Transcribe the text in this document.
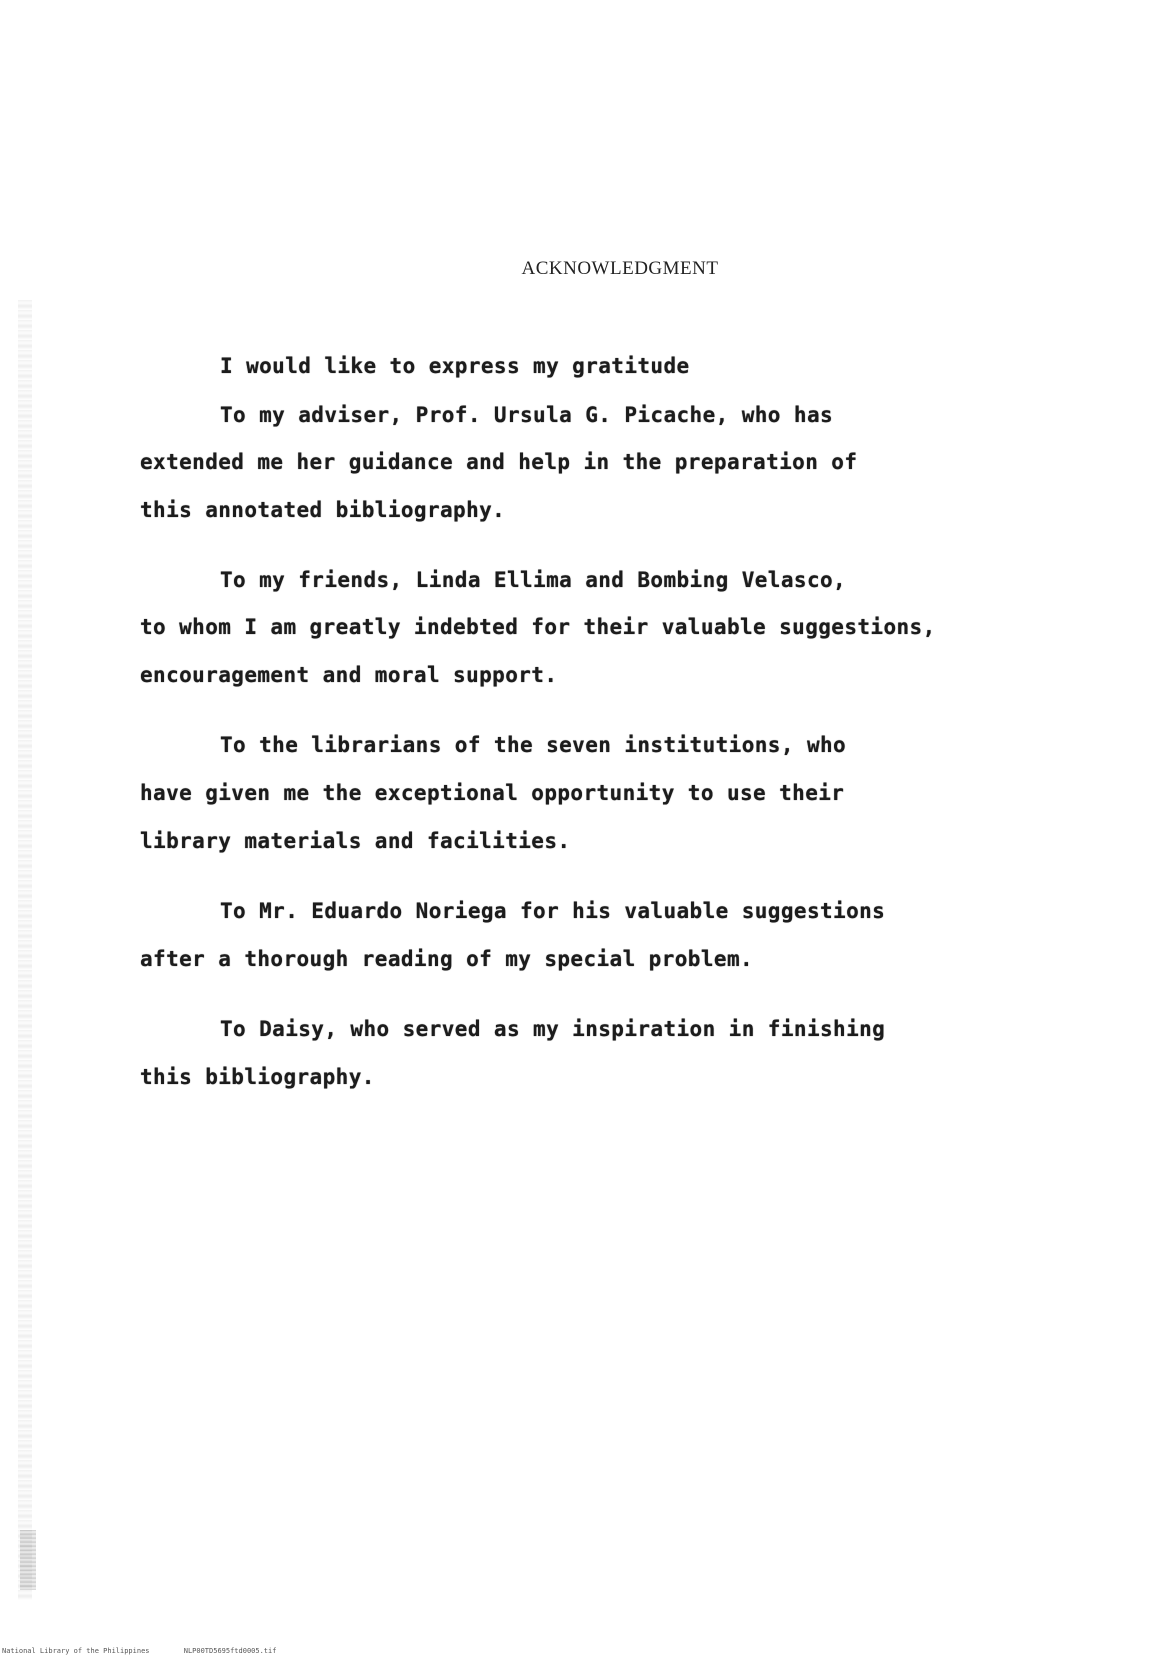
ACKNOWLEDGMENT
I would like to express my gratitude
To my adviser, Prof. Ursula G. Picache, who has
extended me her guidance and help in the preparation of
this annotated bibliography.
To my friends, Linda Ellima and Bombing Velasco,
to whom I am greatly indebted for their valuable suggestions,
encouragement and moral support.
To the librarians of the seven institutions, who
have given me the exceptional opportunity to use their
library materials and facilities.
To Mr. Eduardo Noriega for his valuable suggestions
after a thorough reading of my special problem.
To Daisy, who served as my inspiration in finishing
this bibliography.
National Library of the Philippines	NLP00TD5695ftd0005.tif
